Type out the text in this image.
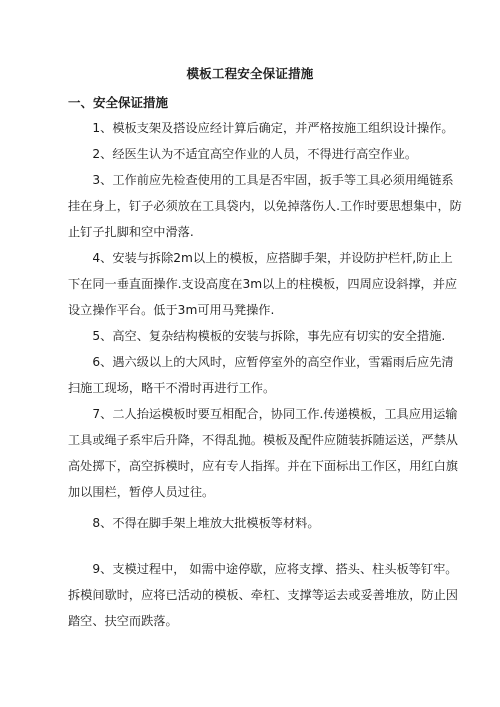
模板工程安全保证措施
一、安全保证措施
1、模板支架及搭设应经计算后确定，并严格按施工组织设计操作。
2、经医生认为不适宜高空作业的人员，不得进行高空作业。
3、工作前应先检查使用的工具是否牢固，扳手等工具必须用绳链系
挂在身上，钉子必须放在工具袋内，以免掉落伤人.工作时要思想集中，防
止钉子扎脚和空中滑落.
4、安装与拆除2m以上的模板，应搭脚手架，并设防护栏杆,防止上
下在同一垂直面操作.支设高度在3m以上的柱模板，四周应设斜撑，并应
设立操作平台。低于3m可用马凳操作.
5、高空、复杂结构模板的安装与拆除，事先应有切实的安全措施.
6、遇六级以上的大风时，应暂停室外的高空作业，雪霜雨后应先清
扫施工现场，略干不滑时再进行工作。
7、二人抬运模板时要互相配合，协同工作.传递模板，工具应用运输
工具或绳子系牢后升降，不得乱抛。模板及配件应随装拆随运送，严禁从
高处掷下，高空拆模时，应有专人指挥。并在下面标出工作区，用红白旗
加以围栏，暂停人员过往。
8、不得在脚手架上堆放大批模板等材料。
9、支模过程中， 如需中途停歇，应将支撑、搭头、柱头板等钉牢。
拆模间歇时，应将已活动的模板、牵杠、支撑等运去或妥善堆放，防止因
踏空、扶空而跌落。
